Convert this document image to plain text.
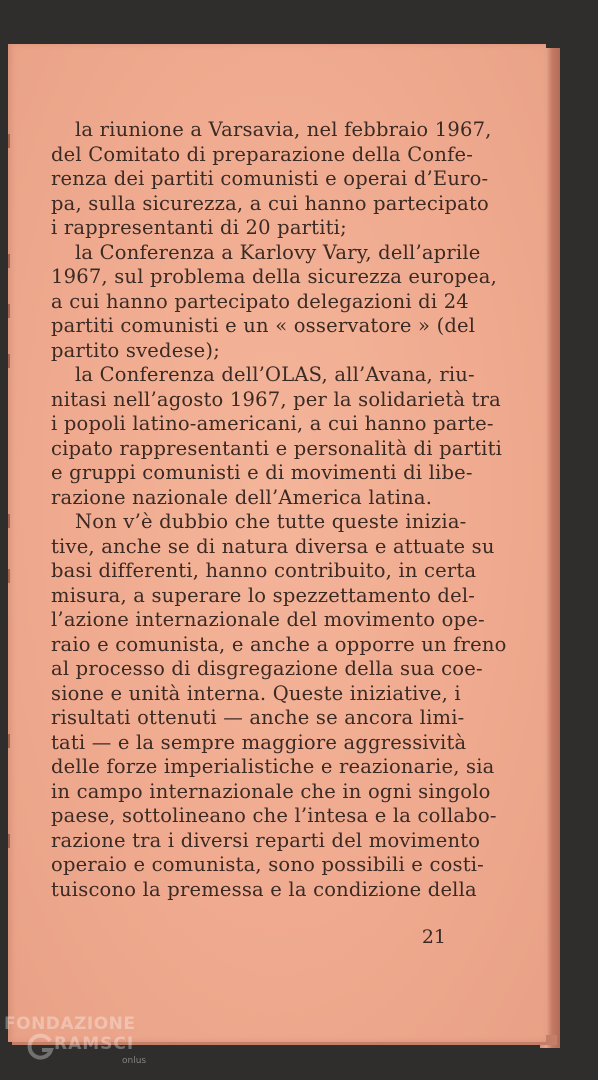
la riunione a Varsavia, nel febbraio 1967,
del Comitato di preparazione della Confe-
renza dei partiti comunisti e operai d’Euro-
pa, sulla sicurezza, a cui hanno partecipato
i rappresentanti di 20 partiti;
la Conferenza a Karlovy Vary, dell’aprile
1967, sul problema della sicurezza europea,
a cui hanno partecipato delegazioni di 24
partiti comunisti e un « osservatore » (del
partito svedese);
la Conferenza dell’OLAS, all’Avana, riu-
nitasi nell’agosto 1967, per la solidarietà tra
i popoli latino-americani, a cui hanno parte-
cipato rappresentanti e personalità di partiti
e gruppi comunisti e di movimenti di libe-
razione nazionale dell’America latina.
Non v’è dubbio che tutte queste inizia-
tive, anche se di natura diversa e attuate su
basi differenti, hanno contribuito, in certa
misura, a superare lo spezzettamento del-
l’azione internazionale del movimento ope-
raio e comunista, e anche a opporre un freno
al processo di disgregazione della sua coe-
sione e unità interna. Queste iniziative, i
risultati ottenuti — anche se ancora limi-
tati — e la sempre maggiore aggressività
delle forze imperialistiche e reazionarie, sia
in campo internazionale che in ogni singolo
paese, sottolineano che l’intesa e la collabo-
razione tra i diversi reparti del movimento
operaio e comunista, sono possibili e costi-
tuiscono la premessa e la condizione della
21
FONDAZIONE
RAMSCI
onlus
